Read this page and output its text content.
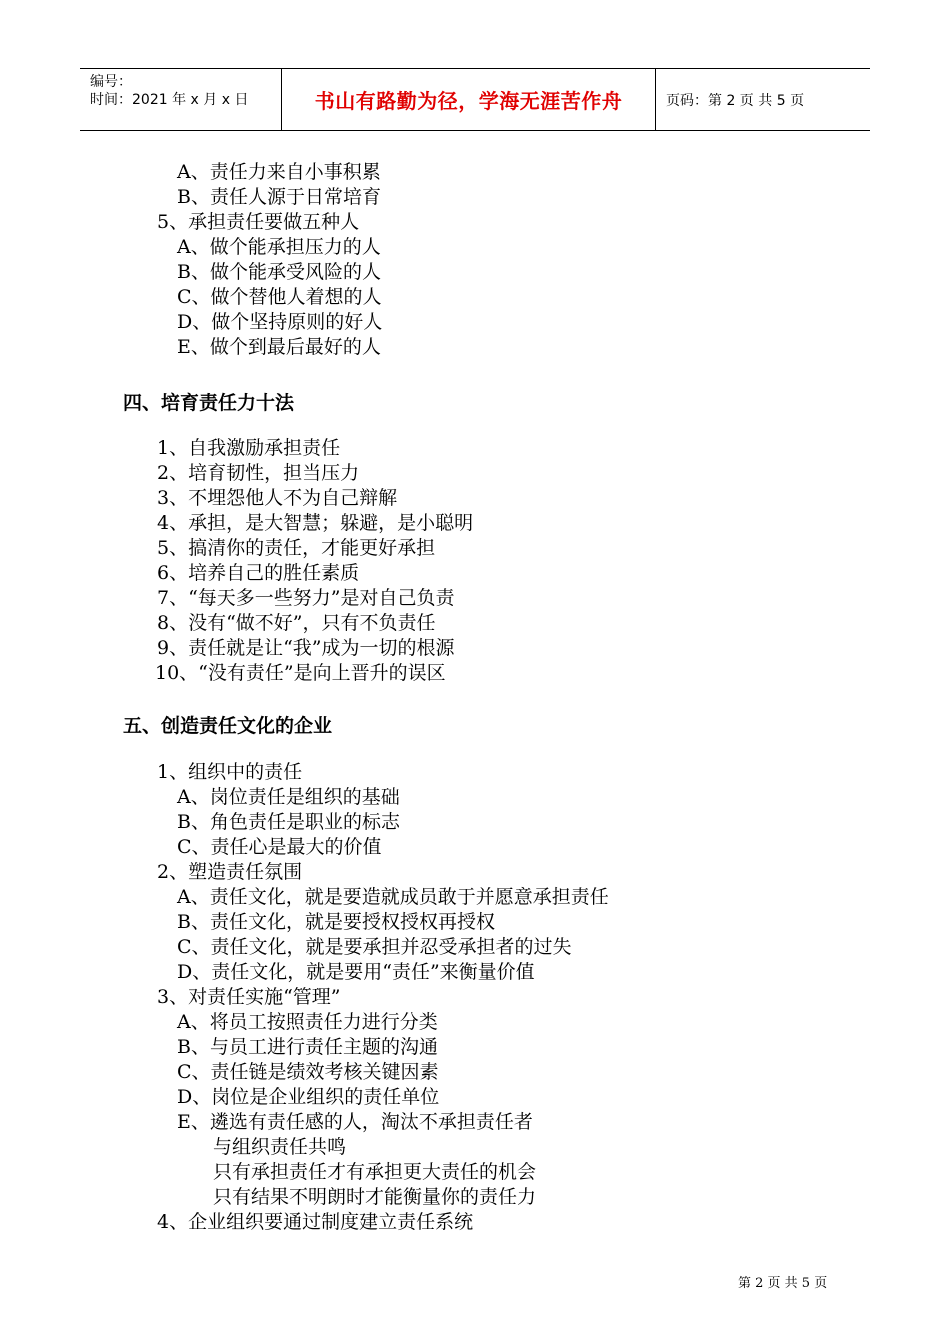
编号：
时间：2021 年 x 月 x 日	书山有路勤为径，学海无涯苦作舟	页码：第 2 页 共 5 页
A、责任力来自小事积累
B、责任人源于日常培育
5、承担责任要做五种人
A、做个能承担压力的人
B、做个能承受风险的人
C、做个替他人着想的人
D、做个坚持原则的好人
E、做个到最后最好的人
四、培育责任力十法
1、自我激励承担责任
2、培育韧性，担当压力
3、不埋怨他人不为自己辩解
4、承担，是大智慧；躲避，是小聪明
5、搞清你的责任，才能更好承担
6、培养自己的胜任素质
7、“每天多一些努力”是对自己负责
8、没有“做不好”，只有不负责任
9、责任就是让“我”成为一切的根源
10、“没有责任”是向上晋升的误区
五、创造责任文化的企业
1、组织中的责任
A、岗位责任是组织的基础
B、角色责任是职业的标志
C、责任心是最大的价值
2、塑造责任氛围
A、责任文化，就是要造就成员敢于并愿意承担责任
B、责任文化，就是要授权授权再授权
C、责任文化，就是要承担并忍受承担者的过失
D、责任文化，就是要用“责任”来衡量价值
3、对责任实施“管理”
A、将员工按照责任力进行分类
B、与员工进行责任主题的沟通
C、责任链是绩效考核关键因素
D、岗位是企业组织的责任单位
E、遴选有责任感的人，淘汰不承担责任者
与组织责任共鸣
只有承担责任才有承担更大责任的机会
只有结果不明朗时才能衡量你的责任力
4、企业组织要通过制度建立责任系统
第 2 页 共 5 页
